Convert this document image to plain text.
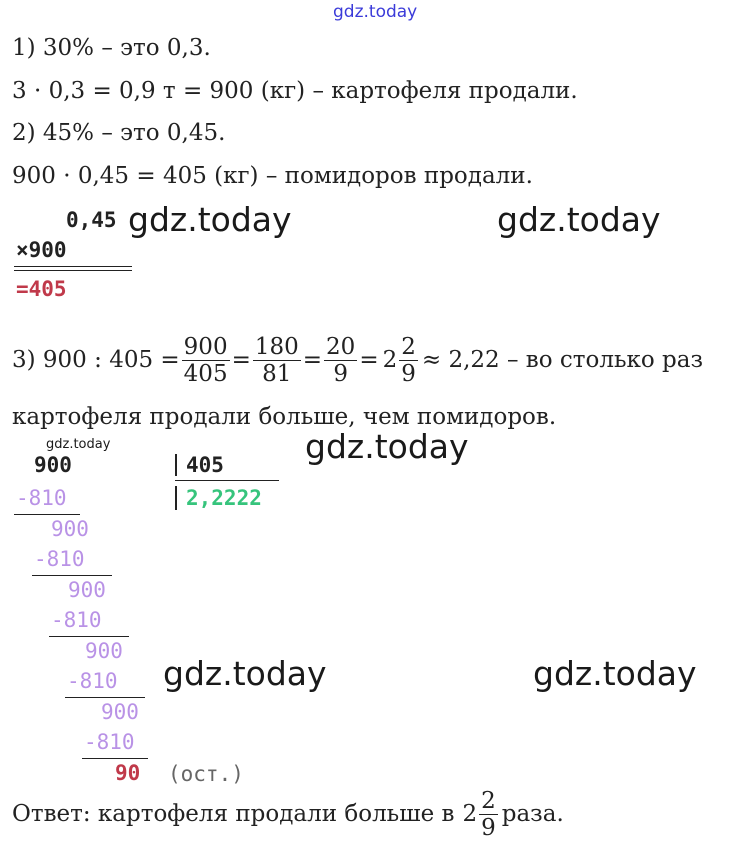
gdz.today
1) 30% – это 0,3.
3 · 0,3 = 0,9 т = 900 (кг) – картофеля продали.
2) 45% – это 0,45.
900 · 0,45 = 405 (кг) – помидоров продали.
0,45
×900
=405
gdz.today	gdz.today
3) 900 : $405 = \frac{900}{405} = \frac{180}{81} = \frac{20}{9} = 2 \frac{2}{9} \approx 2,22$ – во столько раз
картофеля продали больше, чем помидоров.
gdz.today	gdz.today
900	405
2,2222
-810
900
-810
900
-810
900
-810
900
-810
90 (ост.)
gdz.today	gdz.today
Ответ: картофеля продали больше в $2 \frac{2}{9}$ раза.
